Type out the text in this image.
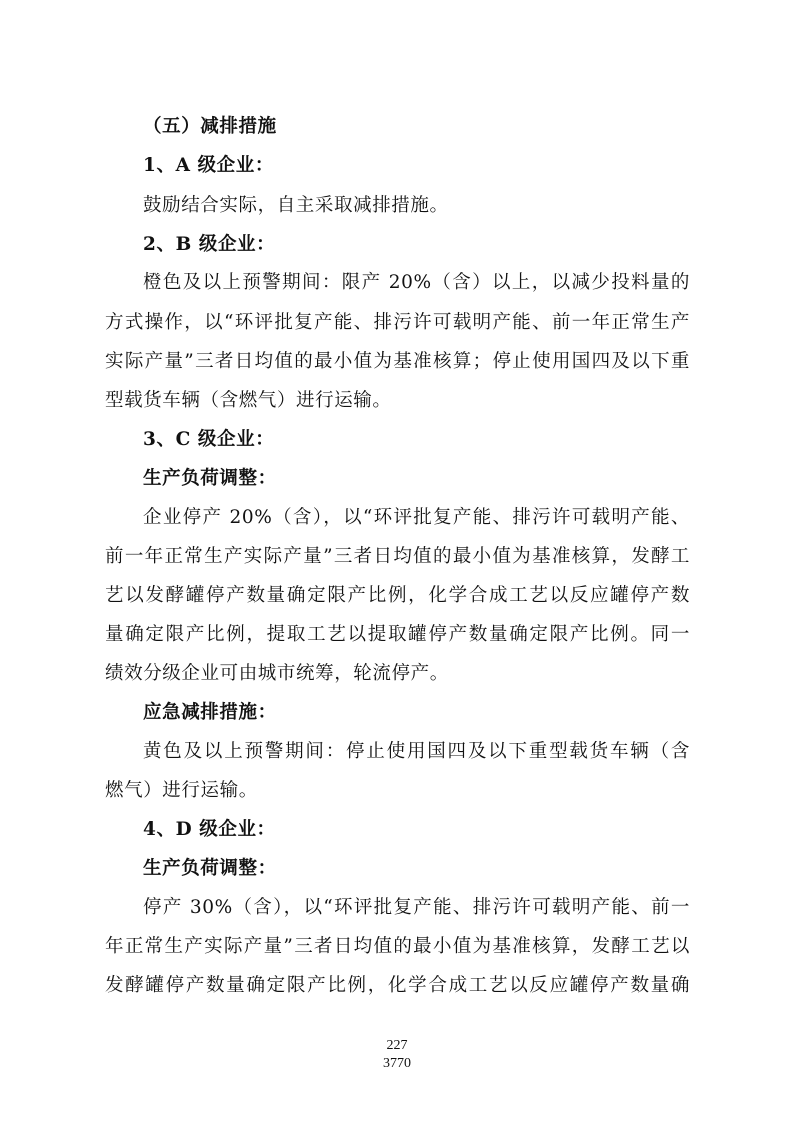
（五）减排措施
1、A 级企业：
鼓励结合实际，自主采取减排措施。
2、B 级企业：
橙色及以上预警期间：限产 20%（含）以上，以减少投料量的
方式操作，以“环评批复产能、排污许可载明产能、前一年正常生产
实际产量”三者日均值的最小值为基准核算；停止使用国四及以下重
型载货车辆（含燃气）进行运输。
3、C 级企业：
生产负荷调整：
企业停产 20%（含），以“环评批复产能、排污许可载明产能、
前一年正常生产实际产量”三者日均值的最小值为基准核算，发酵工
艺以发酵罐停产数量确定限产比例，化学合成工艺以反应罐停产数
量确定限产比例，提取工艺以提取罐停产数量确定限产比例。同一
绩效分级企业可由城市统筹，轮流停产。
应急减排措施：
黄色及以上预警期间：停止使用国四及以下重型载货车辆（含
燃气）进行运输。
4、D 级企业：
生产负荷调整：
停产 30%（含），以“环评批复产能、排污许可载明产能、前一
年正常生产实际产量”三者日均值的最小值为基准核算，发酵工艺以
发酵罐停产数量确定限产比例，化学合成工艺以反应罐停产数量确
227
3770
